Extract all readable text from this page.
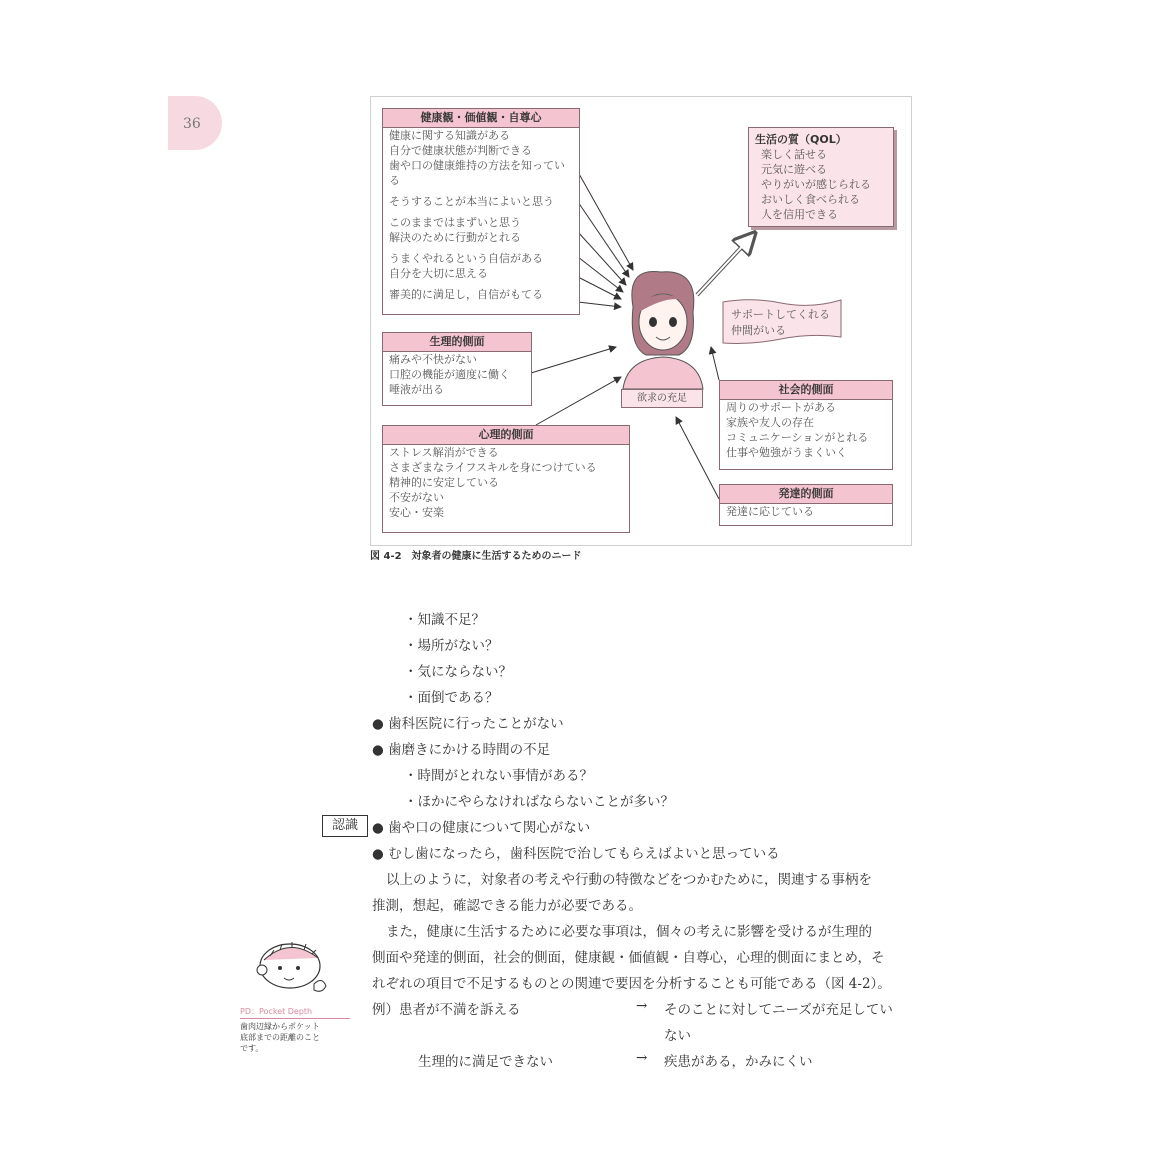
36	健康観・価値観・自尊心
健康に関する知識がある
自分で健康状態が判断できる
歯や口の健康維持の方法を知ってい
る
そうすることが本当によいと思う
このままではまずいと思う
解決のために行動がとれる
うまくやれるという自信がある
自分を大切に思える
審美的に満足し，自信がもてる
生理的側面
痛みや不快がない
口腔の機能が適度に働く
唾液が出る
心理的側面
ストレス解消ができる
さまざまなライフスキルを身につけている
精神的に安定している
不安がない
安心・安楽
生活の質（QOL）
楽しく話せる
元気に遊べる
やりがいが感じられる
おいしく食べられる
人を信用できる
サポートしてくれる
仲間がいる
欲求の充足
社会的側面
周りのサポートがある
家族や友人の存在
コミュニケーションがとれる
仕事や勉強がうまくいく
発達的側面
発達に応じている
図 4-2　対象者の健康に生活するためのニード
・知識不足？
・場所がない？
・気にならない？
・面倒である？
● 歯科医院に行ったことがない
● 歯磨きにかける時間の不足
・時間がとれない事情がある？
・ほかにやらなければならないことが多い？
認識	● 歯や口の健康について関心がない
● むし歯になったら，歯科医院で治してもらえばよいと思っている
以上のように，対象者の考えや行動の特徴などをつかむために，関連する事柄を
推測，想起，確認できる能力が必要である。
また，健康に生活するために必要な事項は，個々の考えに影響を受けるが生理的
側面や発達的側面，社会的側面，健康観・価値観・自尊心，心理的側面にまとめ，そ
れぞれの項目で不足するものとの関連で要因を分析することも可能である（図 4-2）。
例）患者が不満を訴える	→ そのことに対してニーズが充足してい
ない
生理的に満足できない	→ 疾患がある，かみにくい
PD：Pocket Depth
歯肉辺縁からポケット
底部までの距離のこと
です。
